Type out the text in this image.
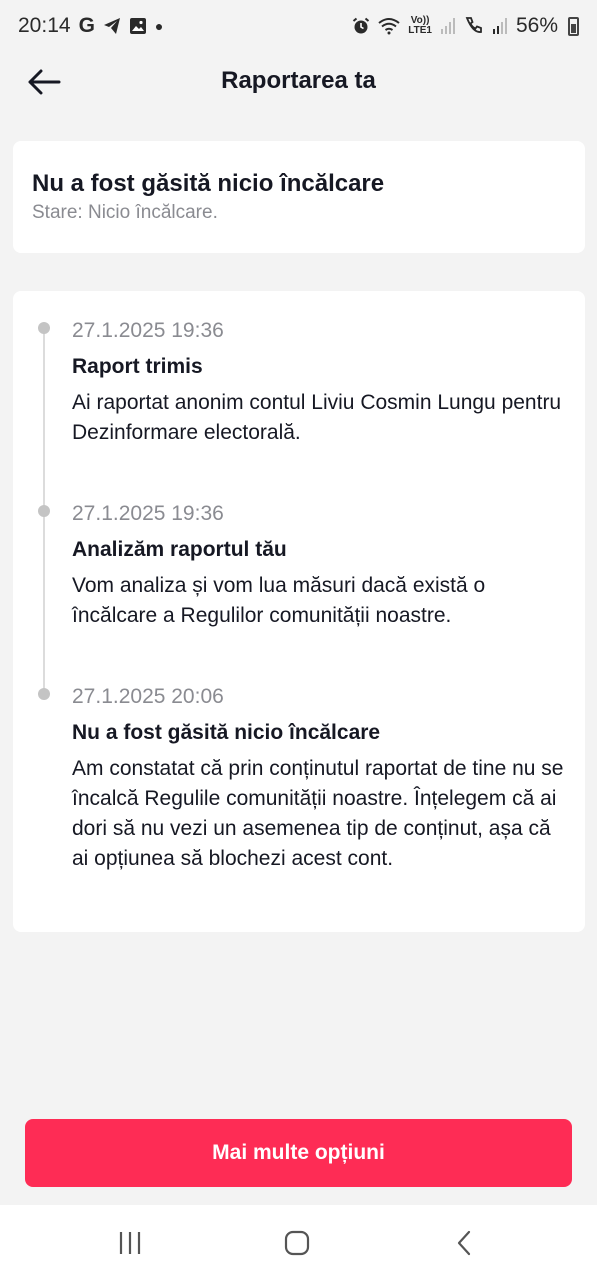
20:14 G	●	Vo))
LTE1	56%
Raportarea ta
Nu a fost găsită nicio încălcare
Stare: Nicio încălcare.
27.1.2025 19:36
Raport trimis
Ai raportat anonim contul Liviu Cosmin Lungu pentru Dezinformare electorală.
27.1.2025 19:36
Analizăm raportul tău
Vom analiza și vom lua măsuri dacă există o încălcare a Regulilor comunității noastre.
27.1.2025 20:06
Nu a fost găsită nicio încălcare
Am constatat că prin conținutul raportat de tine nu se încalcă Regulile comunității noastre. Înțelegem că ai dori să nu vezi un asemenea tip de conținut, așa că ai opțiunea să blochezi acest cont.
Mai multe opțiuni
